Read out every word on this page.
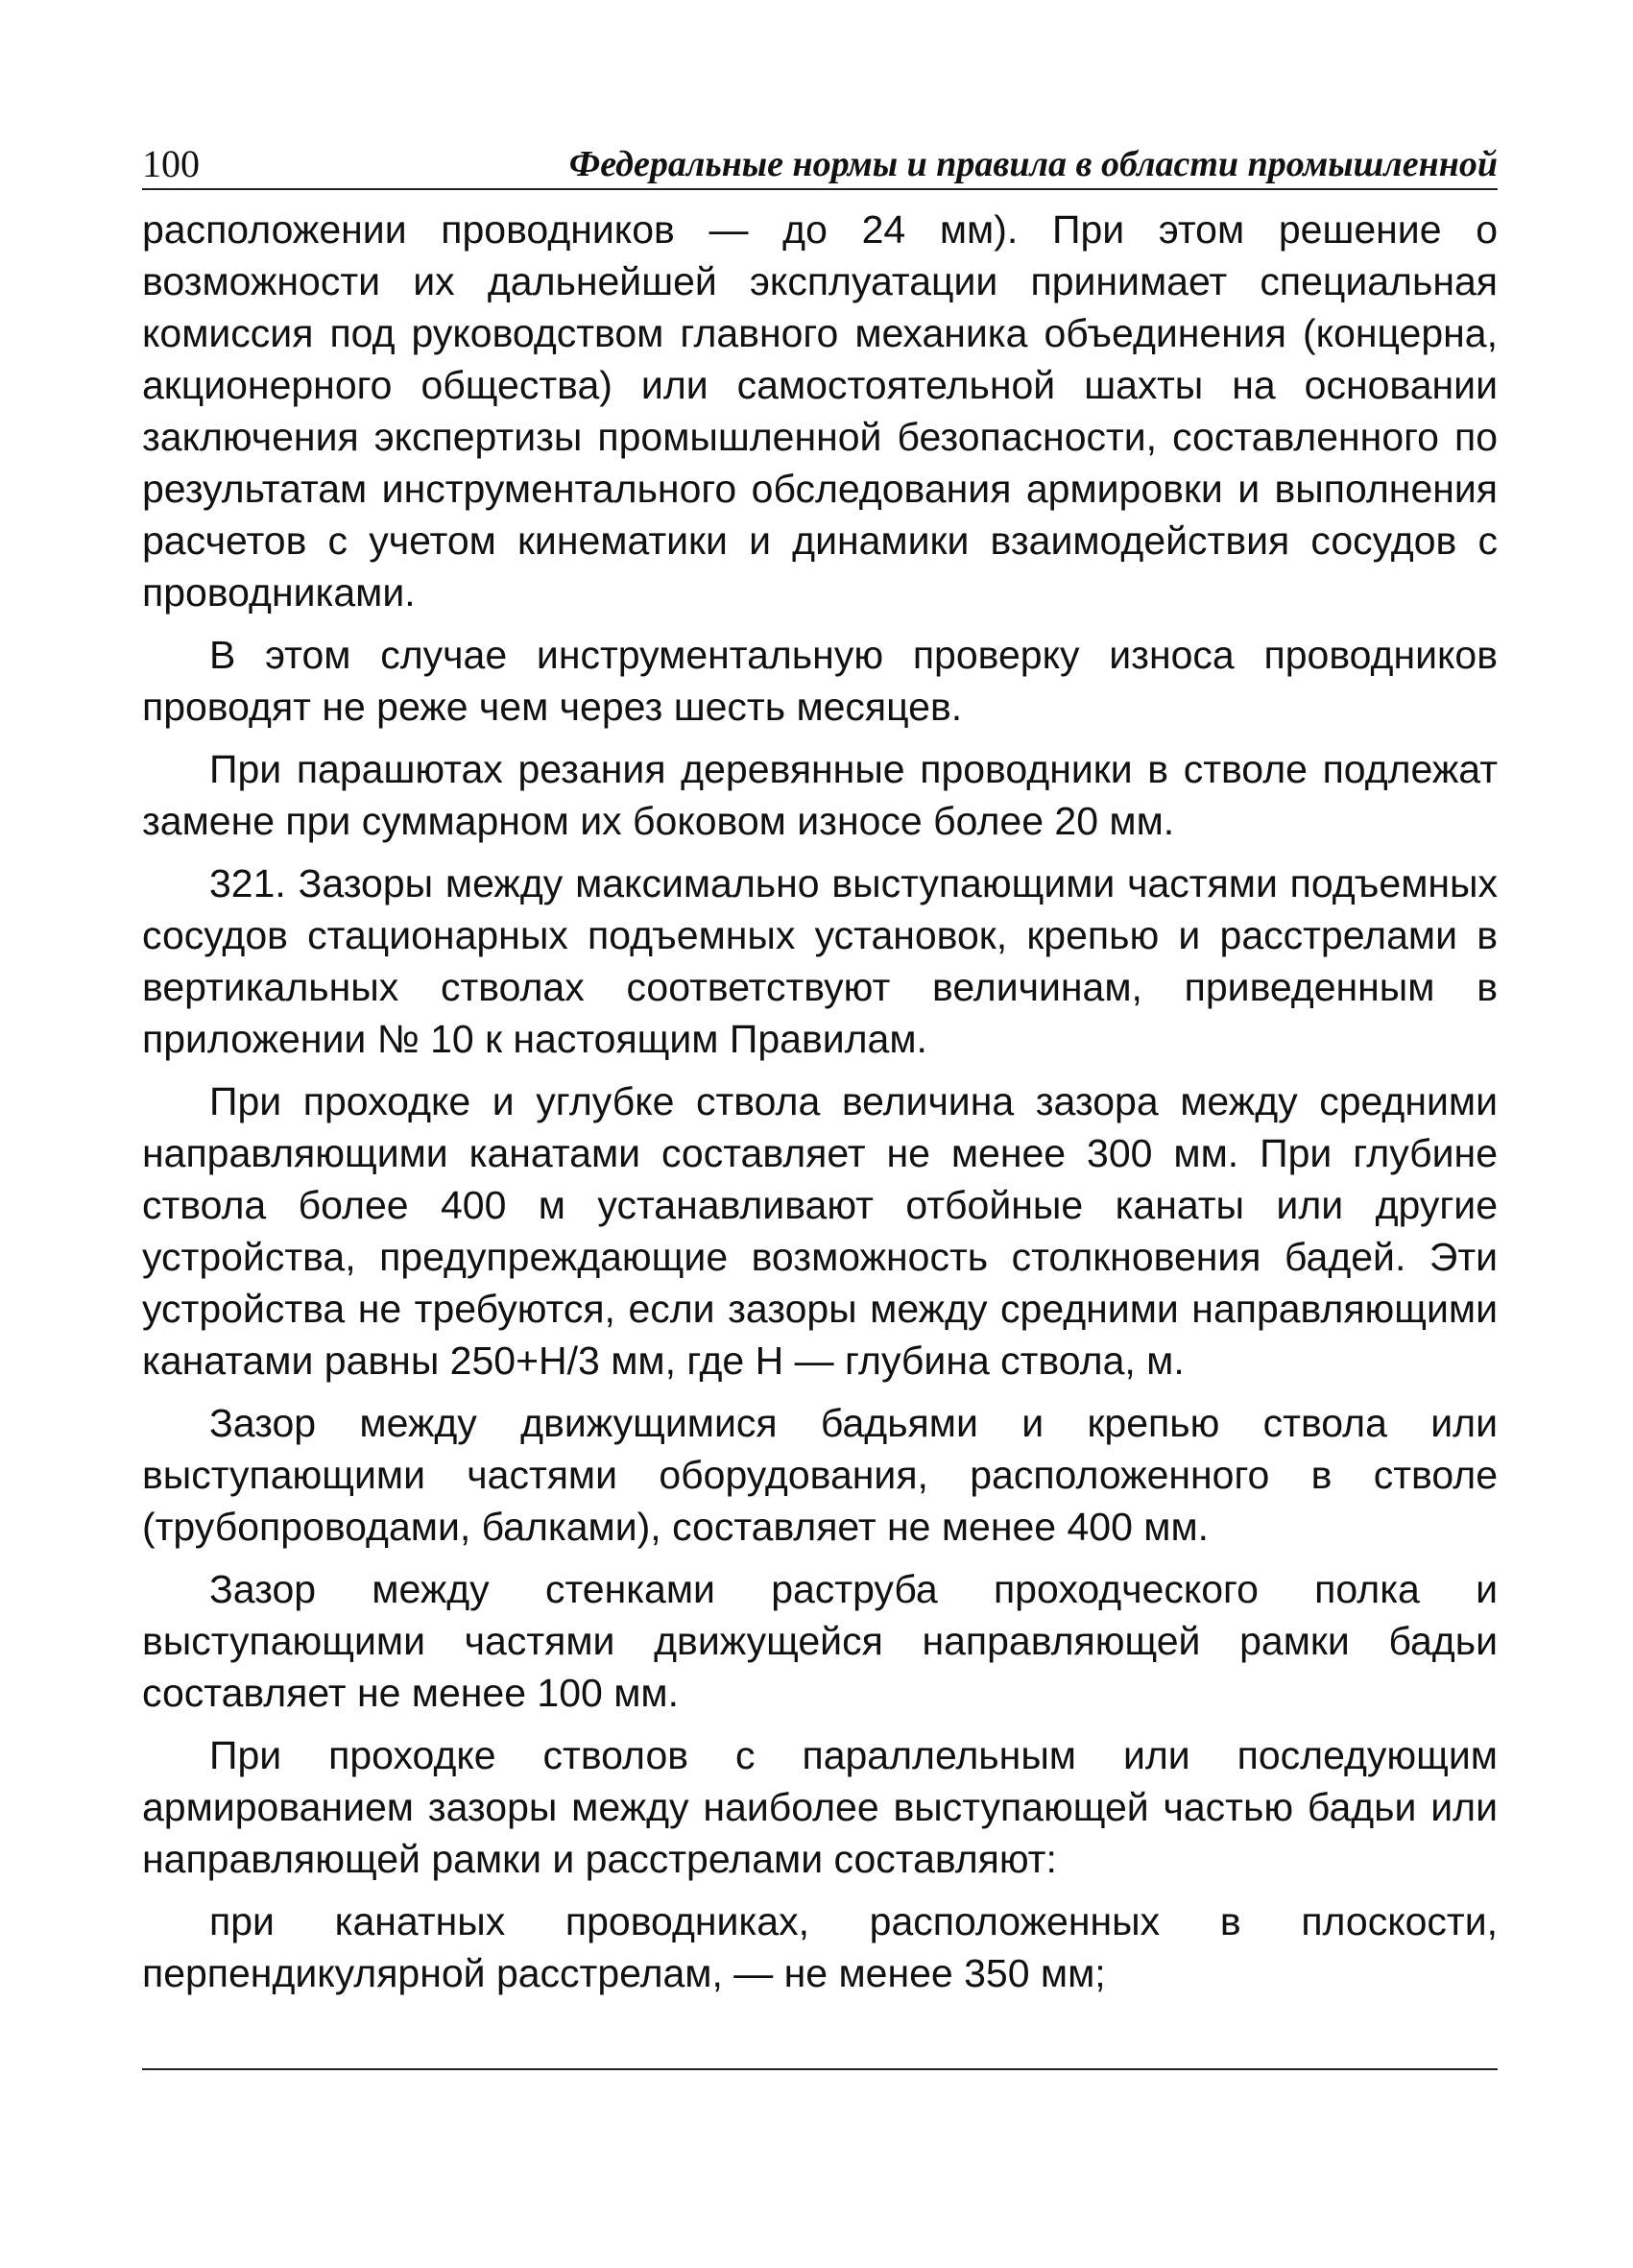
100	Федеральные нормы и правила в области промышленной

расположении проводников — до 24 мм). При этом решение о возможности их дальнейшей эксплуатации принимает специальная комиссия под руководством главного механика объединения (концерна, акционерного общества) или самостоятельной шахты на основании заключения экспертизы промышленной безопасности, составленного по результатам инструментального обследования армировки и выполнения расчетов с учетом кинематики и динамики взаимодействия сосудов с проводниками.

В этом случае инструментальную проверку износа проводников проводят не реже чем через шесть месяцев.

При парашютах резания деревянные проводники в стволе подлежат замене при суммарном их боковом износе более 20 мм.

321. Зазоры между максимально выступающими частями подъемных сосудов стационарных подъемных установок, крепью и расстрелами в вертикальных стволах соответствуют величинам, приведенным в приложении № 10 к настоящим Правилам.

При проходке и углубке ствола величина зазора между средними направляющими канатами составляет не менее 300 мм. При глубине ствола более 400 м устанавливают отбойные канаты или другие устройства, предупреждающие возможность столкновения бадей. Эти устройства не требуются, если зазоры между средними направляющими канатами равны 250+Н/3 мм, где Н — глубина ствола, м.

Зазор между движущимися бадьями и крепью ствола или выступающими частями оборудования, расположенного в стволе (трубопроводами, балками), составляет не менее 400 мм.

Зазор между стенками раструба проходческого полка и выступающими частями движущейся направляющей рамки бадьи составляет не менее 100 мм.

При проходке стволов с параллельным или последующим армированием зазоры между наиболее выступающей частью бадьи или направляющей рамки и расстрелами составляют:

при канатных проводниках, расположенных в плоскости, перпендикулярной расстрелам, — не менее 350 мм;
